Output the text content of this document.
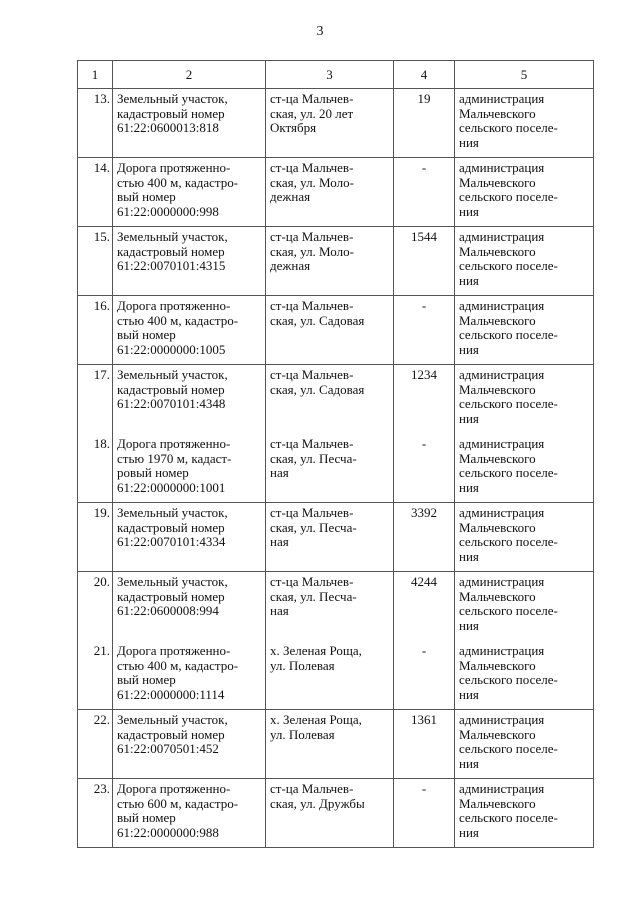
3
1	2	3	4	5
13.	Земельный участок,
кадастровый номер
61:22:0600013:818	ст-ца Мальчев-
ская, ул. 20 лет
Октября	19	администрация
Мальчевского
сельского поселе-
ния
14.	Дорога протяженно-
стью 400 м, кадастро-
вый номер
61:22:0000000:998	ст-ца Мальчев-
ская, ул. Моло-
дежная	-	администрация
Мальчевского
сельского поселе-
ния
15.	Земельный участок,
кадастровый номер
61:22:0070101:4315	ст-ца Мальчев-
ская, ул. Моло-
дежная	1544	администрация
Мальчевского
сельского поселе-
ния
16.	Дорога протяженно-
стью 400 м, кадастро-
вый номер
61:22:0000000:1005	ст-ца Мальчев-
ская, ул. Садовая	-	администрация
Мальчевского
сельского поселе-
ния
17.	Земельный участок,
кадастровый номер
61:22:0070101:4348	ст-ца Мальчев-
ская, ул. Садовая	1234	администрация
Мальчевского
сельского поселе-
ния
18.	Дорога протяженно-
стью 1970 м, кадаст-
ровый номер
61:22:0000000:1001	ст-ца Мальчев-
ская, ул. Песча-
ная	-	администрация
Мальчевского
сельского поселе-
ния
19.	Земельный участок,
кадастровый номер
61:22:0070101:4334	ст-ца Мальчев-
ская, ул. Песча-
ная	3392	администрация
Мальчевского
сельского поселе-
ния
20.	Земельный участок,
кадастровый номер
61:22:0600008:994	ст-ца Мальчев-
ская, ул. Песча-
ная	4244	администрация
Мальчевского
сельского поселе-
ния
21.	Дорога протяженно-
стью 400 м, кадастро-
вый номер
61:22:0000000:1114	х. Зеленая Роща,
ул. Полевая	-	администрация
Мальчевского
сельского поселе-
ния
22.	Земельный участок,
кадастровый номер
61:22:0070501:452	х. Зеленая Роща,
ул. Полевая	1361	администрация
Мальчевского
сельского поселе-
ния
23.	Дорога протяженно-
стью 600 м, кадастро-
вый номер
61:22:0000000:988	ст-ца Мальчев-
ская, ул. Дружбы	-	администрация
Мальчевского
сельского поселе-
ния
